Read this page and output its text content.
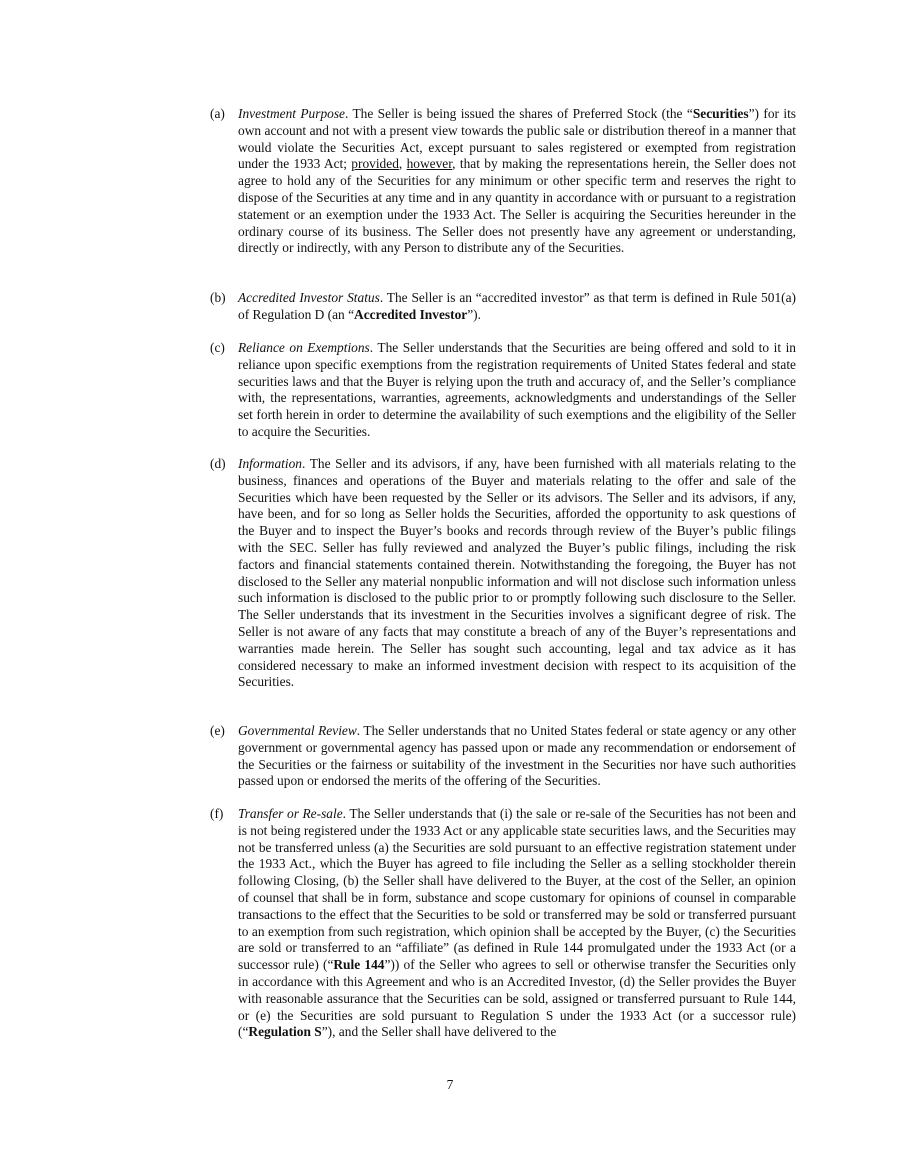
(a) Investment Purpose. The Seller is being issued the shares of Preferred Stock (the “Securities”) for its own account and not with a present view towards the public sale or distribution thereof in a manner that would violate the Securities Act, except pursuant to sales registered or exempted from registration under the 1933 Act; provided, however, that by making the representations herein, the Seller does not agree to hold any of the Securities for any minimum or other specific term and reserves the right to dispose of the Securities at any time and in any quantity in accordance with or pursuant to a registration statement or an exemption under the 1933 Act. The Seller is acquiring the Securities hereunder in the ordinary course of its business. The Seller does not presently have any agreement or understanding, directly or indirectly, with any Person to distribute any of the Securities.
(b) Accredited Investor Status. The Seller is an “accredited investor” as that term is defined in Rule 501(a) of Regulation D (an “Accredited Investor”).
(c) Reliance on Exemptions. The Seller understands that the Securities are being offered and sold to it in reliance upon specific exemptions from the registration requirements of United States federal and state securities laws and that the Buyer is relying upon the truth and accuracy of, and the Seller’s compliance with, the representations, warranties, agreements, acknowledgments and understandings of the Seller set forth herein in order to determine the availability of such exemptions and the eligibility of the Seller to acquire the Securities.
(d) Information. The Seller and its advisors, if any, have been furnished with all materials relating to the business, finances and operations of the Buyer and materials relating to the offer and sale of the Securities which have been requested by the Seller or its advisors. The Seller and its advisors, if any, have been, and for so long as Seller holds the Securities, afforded the opportunity to ask questions of the Buyer and to inspect the Buyer’s books and records through review of the Buyer’s public filings with the SEC. Seller has fully reviewed and analyzed the Buyer’s public filings, including the risk factors and financial statements contained therein. Notwithstanding the foregoing, the Buyer has not disclosed to the Seller any material nonpublic information and will not disclose such information unless such information is disclosed to the public prior to or promptly following such disclosure to the Seller. The Seller understands that its investment in the Securities involves a significant degree of risk. The Seller is not aware of any facts that may constitute a breach of any of the Buyer’s representations and warranties made herein. The Seller has sought such accounting, legal and tax advice as it has considered necessary to make an informed investment decision with respect to its acquisition of the Securities.
(e) Governmental Review. The Seller understands that no United States federal or state agency or any other government or governmental agency has passed upon or made any recommendation or endorsement of the Securities or the fairness or suitability of the investment in the Securities nor have such authorities passed upon or endorsed the merits of the offering of the Securities.
(f)	Transfer or Re-sale. The Seller understands that (i) the sale or re-sale of the Securities has not been and is not being registered under the 1933 Act or any applicable state securities laws, and the Securities may not be transferred unless (a) the Securities are sold pursuant to an effective registration statement under the 1933 Act., which the Buyer has agreed to file including the Seller as a selling stockholder therein following Closing, (b) the Seller shall have delivered to the Buyer, at the cost of the Seller, an opinion of counsel that shall be in form, substance and scope customary for opinions of counsel in comparable transactions to the effect that the Securities to be sold or transferred may be sold or transferred pursuant to an exemption from such registration, which opinion shall be accepted by the Buyer, (c) the Securities are sold or transferred to an “affiliate” (as defined in Rule 144 promulgated under the 1933 Act (or a successor rule) (“Rule 144”)) of the Seller who agrees to sell or otherwise transfer the Securities only in accordance with this Agreement and who is an Accredited Investor, (d) the Seller provides the Buyer with reasonable assurance that the Securities can be sold, assigned or transferred pursuant to Rule 144, or (e) the Securities are sold pursuant to Regulation S under the 1933 Act (or a successor rule) (“Regulation S”), and the Seller shall have delivered to the
7
